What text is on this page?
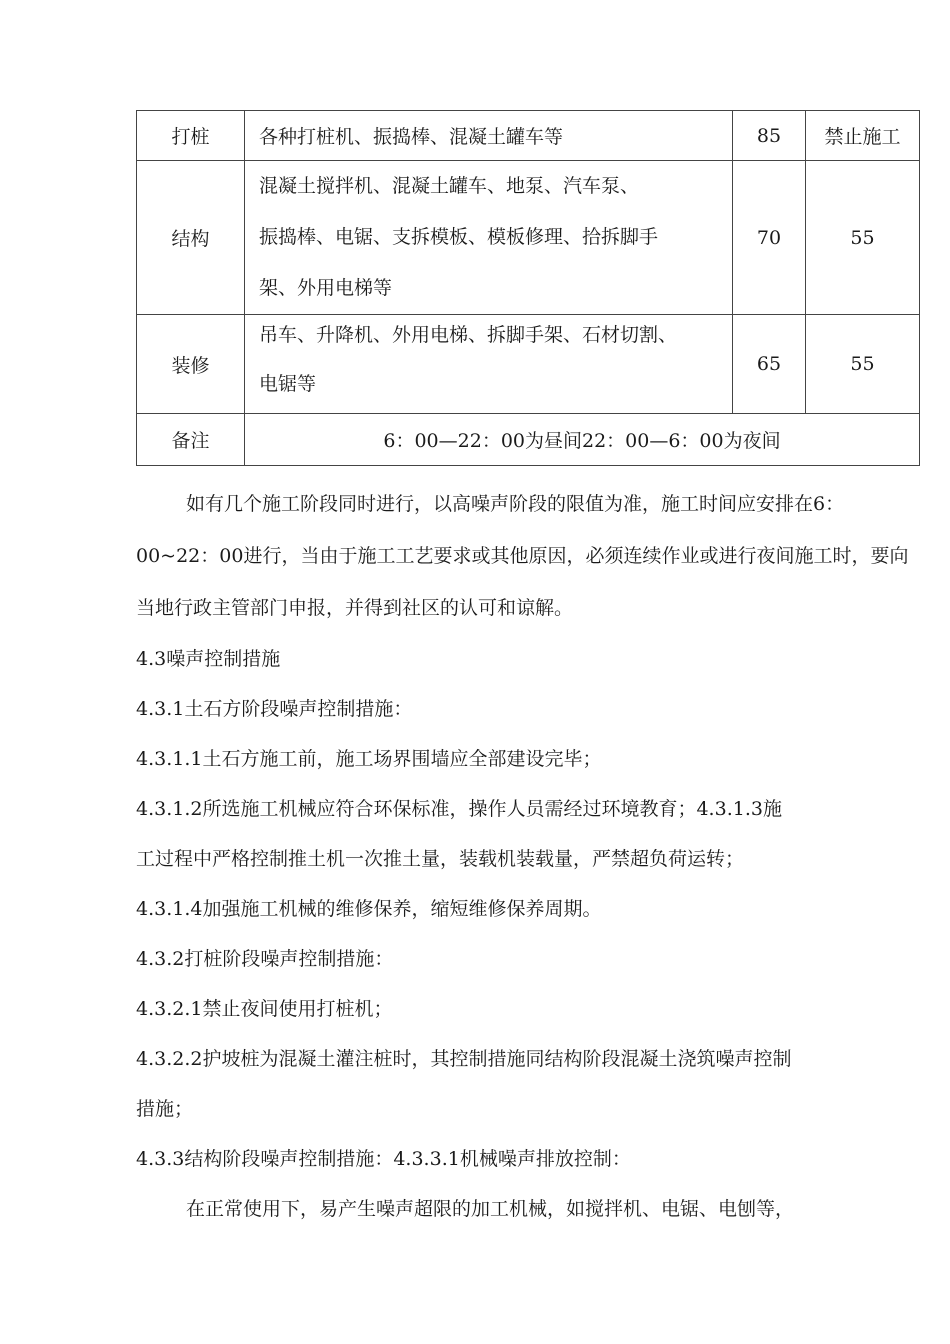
打桩	各种打桩机、振捣棒、混凝土罐车等	85	禁止施工
结构	混凝土搅拌机、混凝土罐车、地泵、汽车泵、
振捣棒、电锯、支拆模板、模板修理、拾拆脚手
架、外用电梯等	70	55
装修	吊车、升降机、外用电梯、拆脚手架、石材切割、
电锯等	65	55
备注	6：00—22：00为昼间22：00—6：00为夜间		

如有几个施工阶段同时进行，以高噪声阶段的限值为准，施工时间应安排在6：00~22：00进行，当由于施工工艺要求或其他原因，必须连续作业或进行夜间施工时，要向当地行政主管部门申报，并得到社区的认可和谅解。

4.3噪声控制措施

4.3.1土石方阶段噪声控制措施：

4.3.1.1土石方施工前，施工场界围墙应全部建设完毕；

4.3.1.2所选施工机械应符合环保标准，操作人员需经过环境教育；4.3.1.3施

工过程中严格控制推土机一次推土量，装载机装载量，严禁超负荷运转；

4.3.1.4加强施工机械的维修保养，缩短维修保养周期。

4.3.2打桩阶段噪声控制措施：

4.3.2.1禁止夜间使用打桩机；

4.3.2.2护坡桩为混凝土灌注桩时，其控制措施同结构阶段混凝土浇筑噪声控制

措施；

4.3.3结构阶段噪声控制措施：4.3.3.1机械噪声排放控制：

在正常使用下，易产生噪声超限的加工机械，如搅拌机、电锯、电刨等，
